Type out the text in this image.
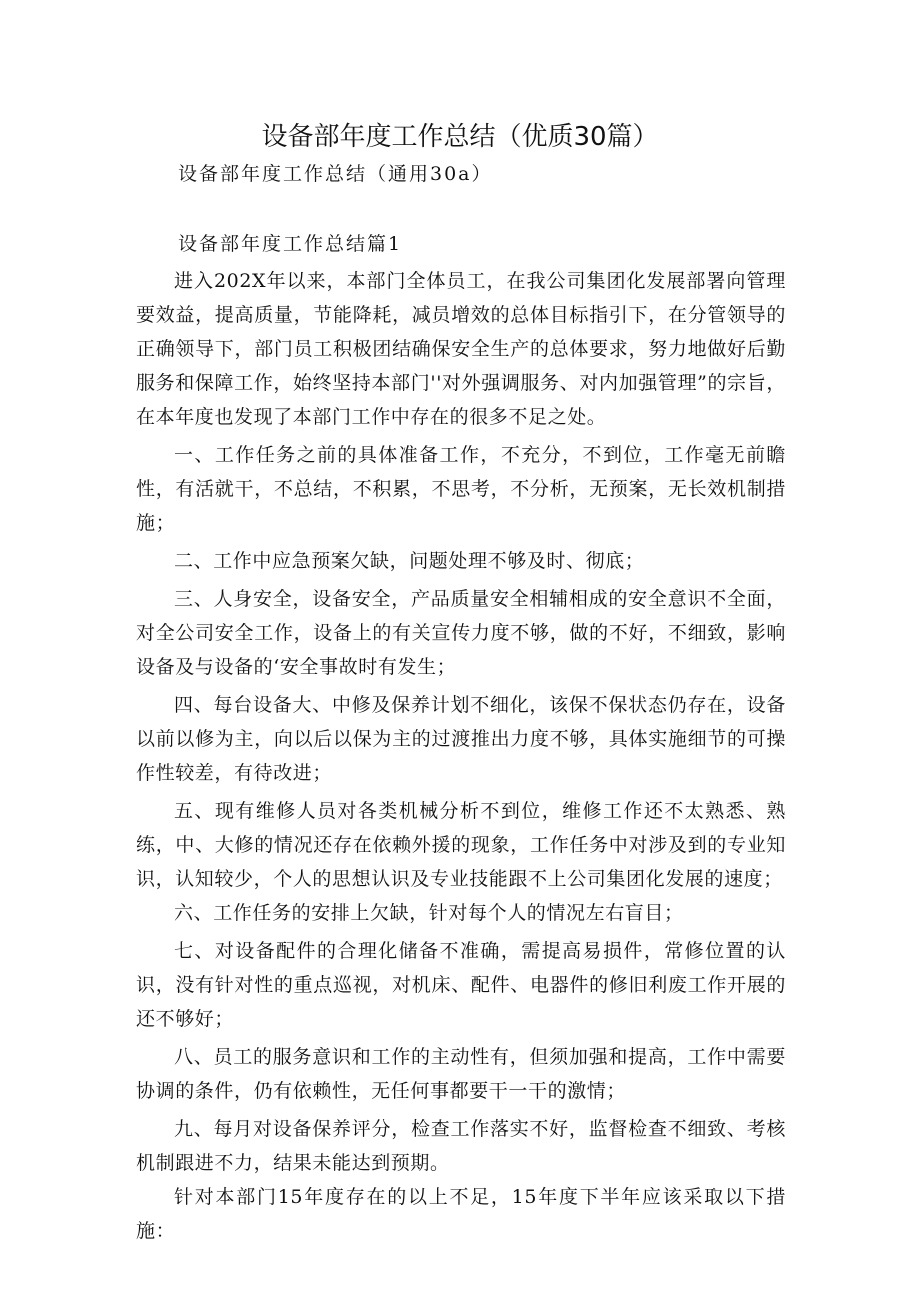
设备部年度工作总结（优质30篇）
设备部年度工作总结（通用30a）
设备部年度工作总结篇1

进入202X年以来，本部门全体员工，在我公司集团化发展部署向管理要效益，提高质量，节能降耗，减员增效的总体目标指引下，在分管领导的正确领导下，部门员工积极团结确保安全生产的总体要求，努力地做好后勤服务和保障工作，始终坚持本部门''对外强调服务、对内加强管理”的宗旨，在本年度也发现了本部门工作中存在的很多不足之处。

一、工作任务之前的具体准备工作，不充分，不到位，工作毫无前瞻性，有活就干，不总结，不积累，不思考，不分析，无预案，无长效机制措施；

二、工作中应急预案欠缺，问题处理不够及时、彻底；

三、人身安全，设备安全，产品质量安全相辅相成的安全意识不全面，对全公司安全工作，设备上的有关宣传力度不够，做的不好，不细致，影响设备及与设备的‘安全事故时有发生；

四、每台设备大、中修及保养计划不细化，该保不保状态仍存在，设备以前以修为主，向以后以保为主的过渡推出力度不够，具体实施细节的可操作性较差，有待改进；

五、现有维修人员对各类机械分析不到位，维修工作还不太熟悉、熟练，中、大修的情况还存在依赖外援的现象，工作任务中对涉及到的专业知识，认知较少，个人的思想认识及专业技能跟不上公司集团化发展的速度；

六、工作任务的安排上欠缺，针对每个人的情况左右盲目；

七、对设备配件的合理化储备不准确，需提高易损件，常修位置的认识，没有针对性的重点巡视，对机床、配件、电器件的修旧利废工作开展的还不够好；

八、员工的服务意识和工作的主动性有，但须加强和提高，工作中需要协调的条件，仍有依赖性，无任何事都要干一干的激情；

九、每月对设备保养评分，检查工作落实不好，监督检查不细致、考核机制跟进不力，结果未能达到预期。

针对本部门15年度存在的以上不足，15年度下半年应该采取以下措施：
